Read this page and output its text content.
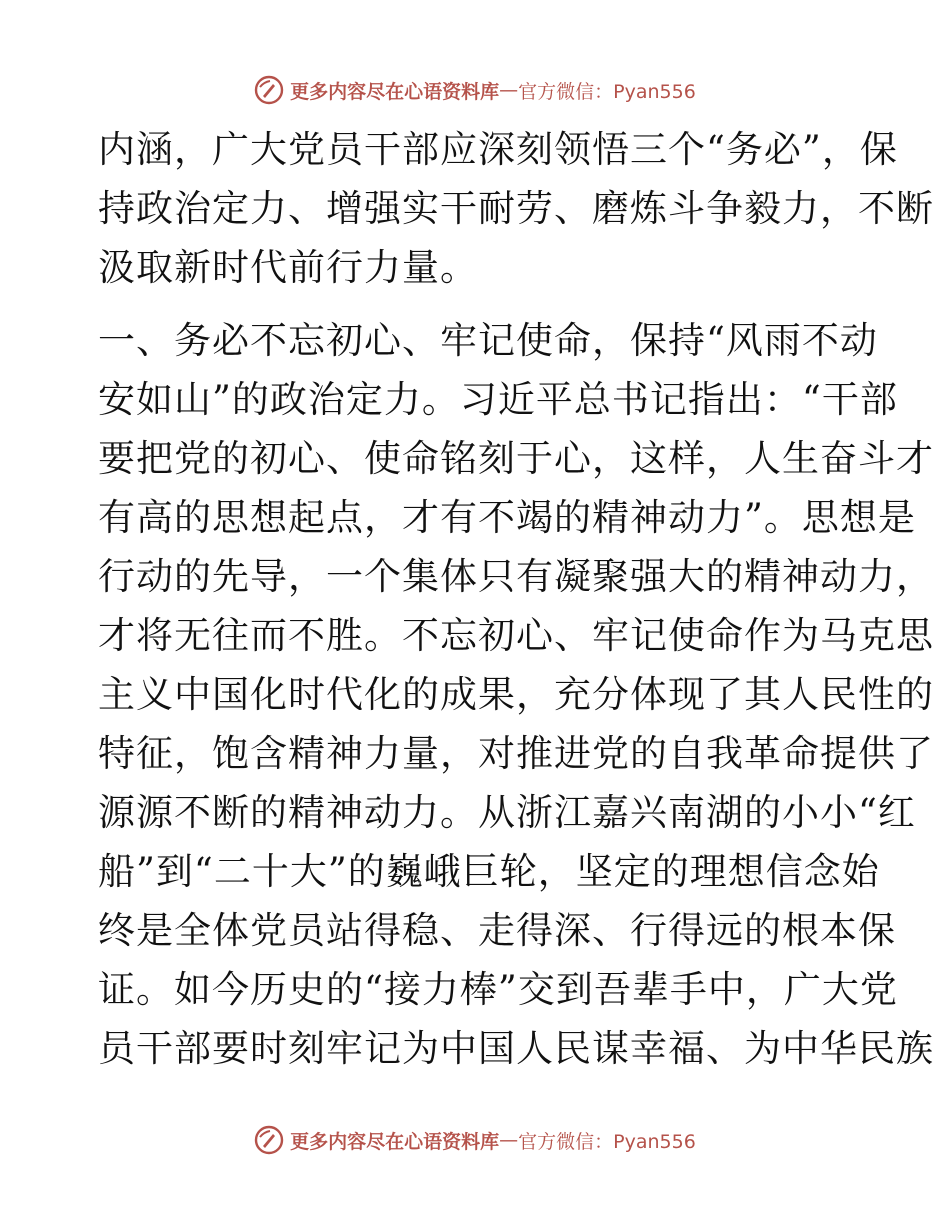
更多内容尽在心语资料库 — 官方微信：Pyan556
内涵，广大党员干部应深刻领悟三个“务必”，保
持政治定力、增强实干耐劳、磨炼斗争毅力，不断
汲取新时代前行力量。
一、务必不忘初心、牢记使命，保持“风雨不动
安如山”的政治定力。习近平总书记指出：“干部
要把党的初心、使命铭刻于心，这样，人生奋斗才
有高的思想起点，才有不竭的精神动力”。思想是
行动的先导，一个集体只有凝聚强大的精神动力，
才将无往而不胜。不忘初心、牢记使命作为马克思
主义中国化时代化的成果，充分体现了其人民性的
特征，饱含精神力量，对推进党的自我革命提供了
源源不断的精神动力。从浙江嘉兴南湖的小小“红
船”到“二十大”的巍峨巨轮，坚定的理想信念始
终是全体党员站得稳、走得深、行得远的根本保
证。如今历史的“接力棒”交到吾辈手中，广大党
员干部要时刻牢记为中国人民谋幸福、为中华民族
更多内容尽在心语资料库 — 官方微信：Pyan556
